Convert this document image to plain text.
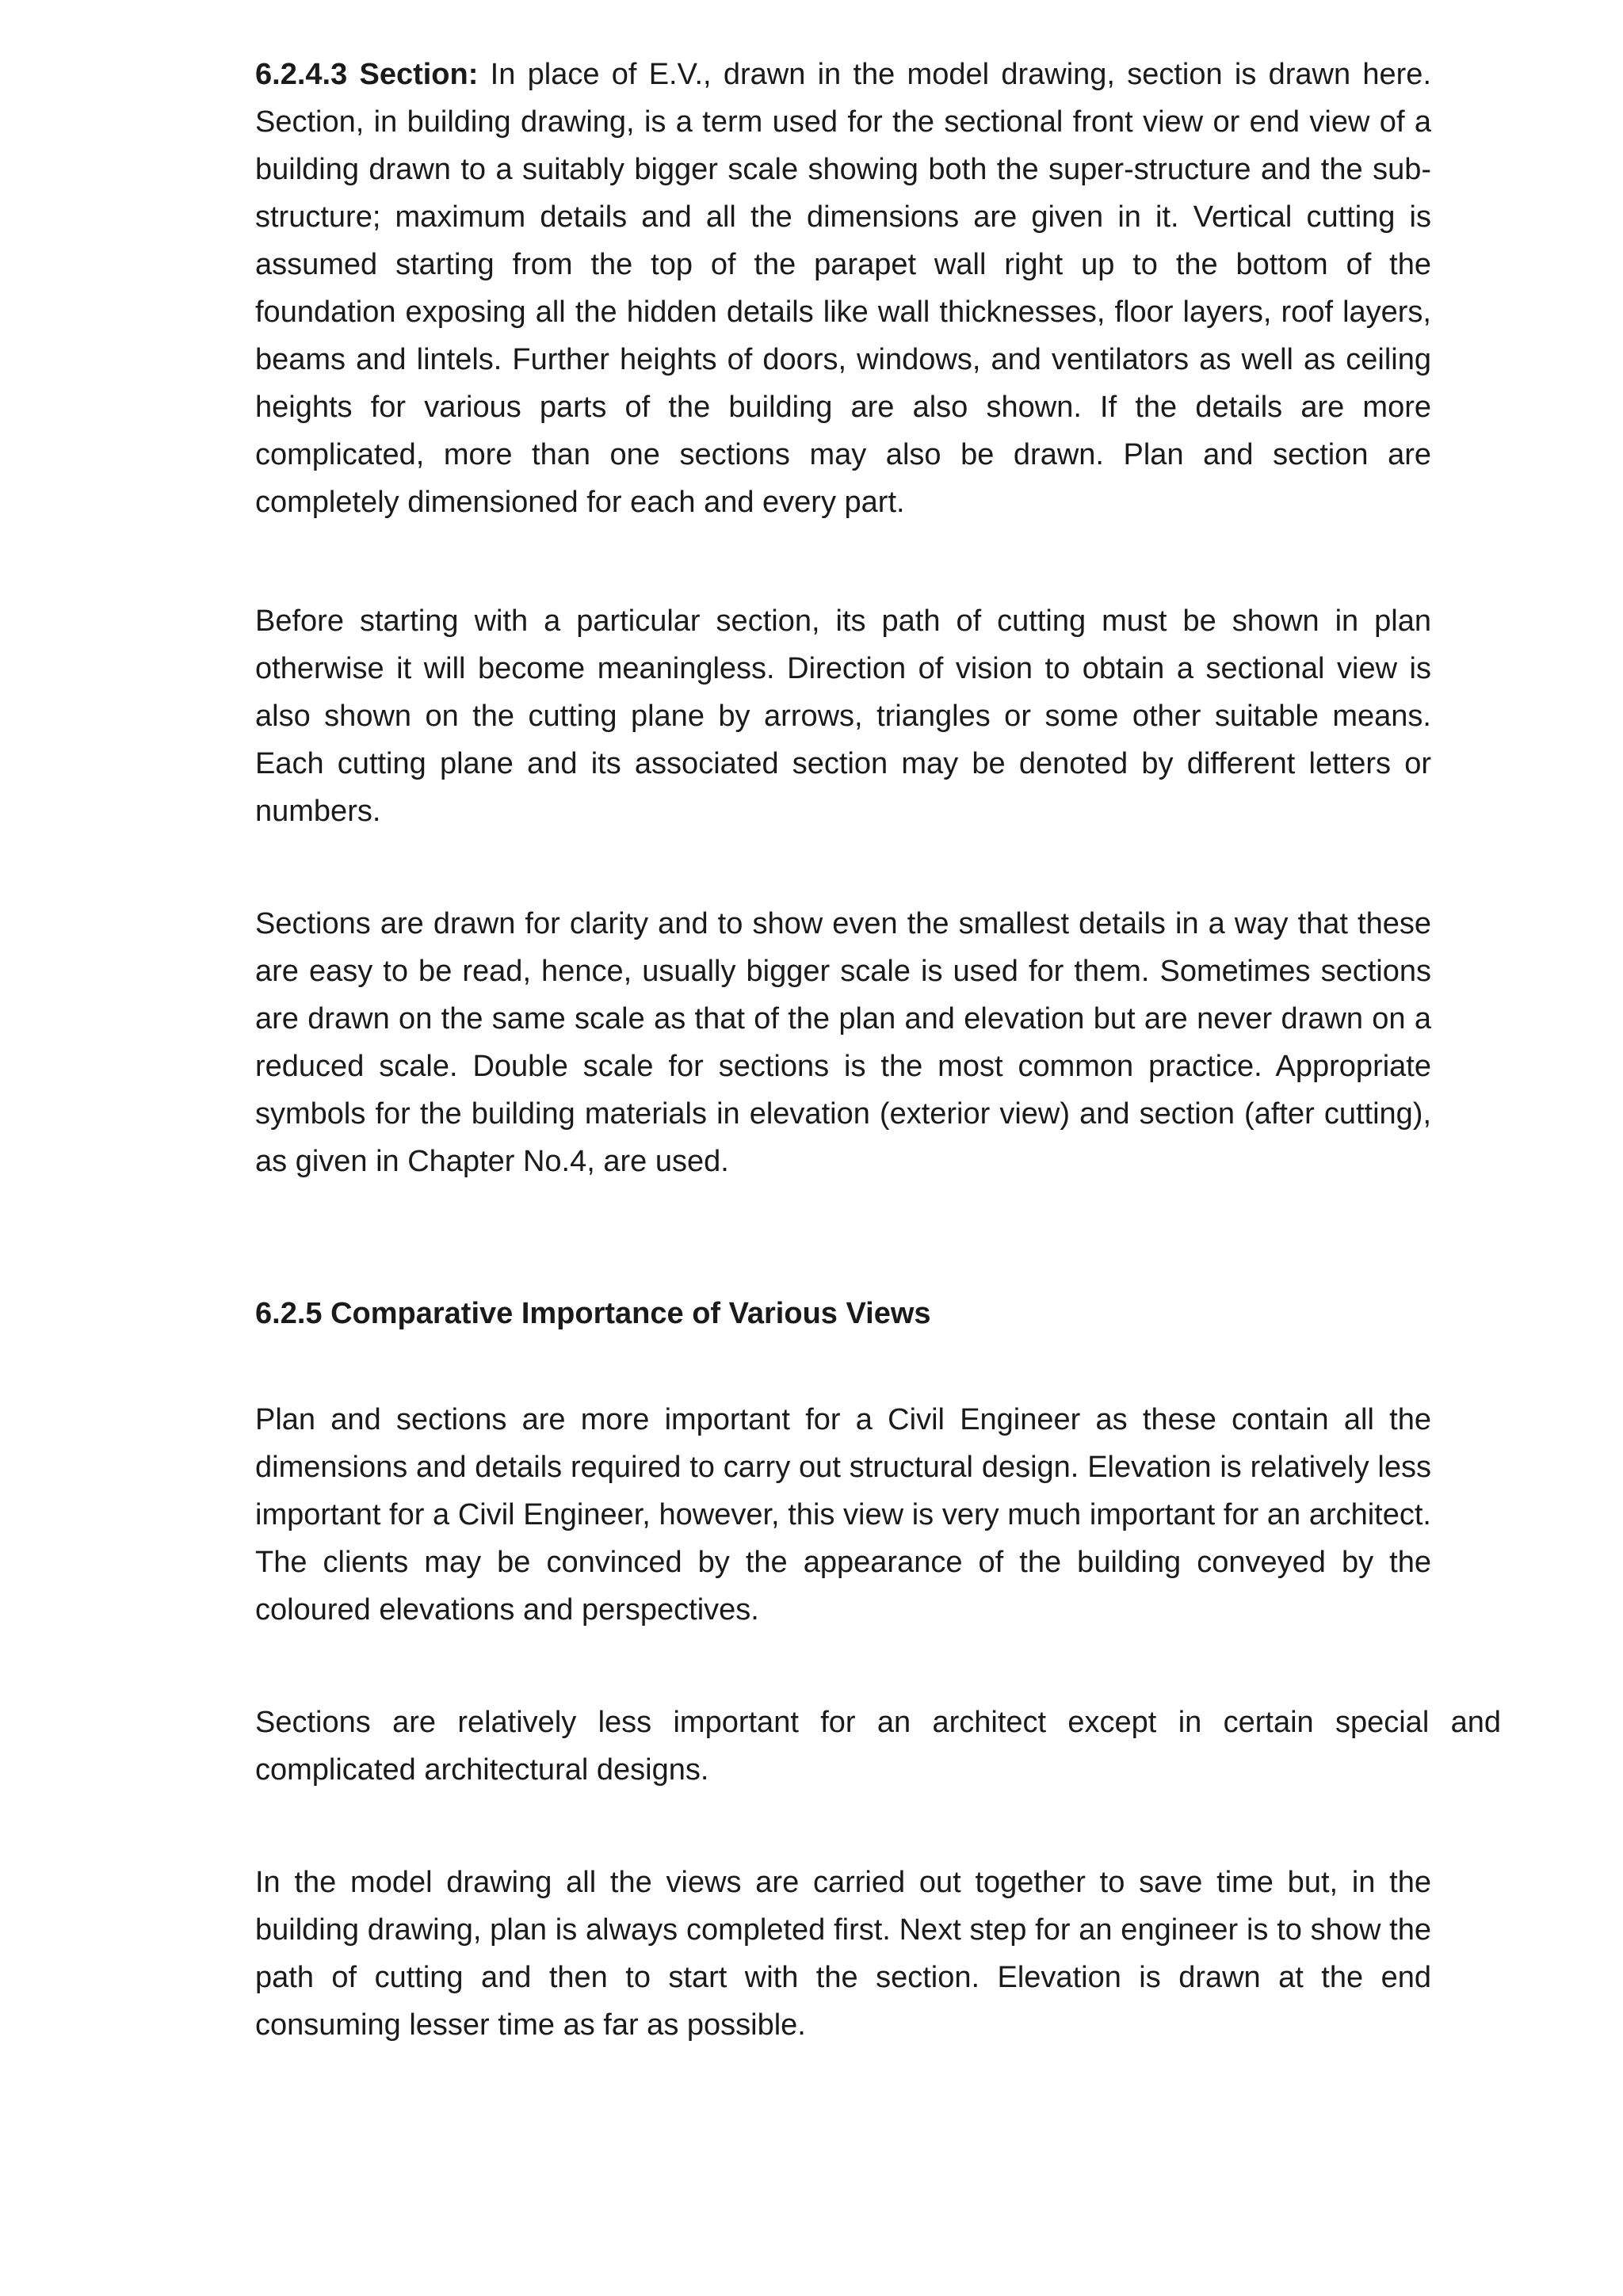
6.2.4.3 Section: In place of E.V., drawn in the model drawing, section is drawn here. Section, in building drawing, is a term used for the sectional front view or end view of a building drawn to a suitably bigger scale showing both the super-structure and the sub-structure; maximum details and all the dimensions are given in it. Vertical cutting is assumed starting from the top of the parapet wall right up to the bottom of the foundation exposing all the hidden details like wall thicknesses, floor layers, roof layers, beams and lintels. Further heights of doors, windows, and ventilators as well as ceiling heights for various parts of the building are also shown. If the details are more complicated, more than one sections may also be drawn. Plan and section are completely dimensioned for each and every part.

Before starting with a particular section, its path of cutting must be shown in plan otherwise it will become meaningless. Direction of vision to obtain a sectional view is also shown on the cutting plane by arrows, triangles or some other suitable means. Each cutting plane and its associated section may be denoted by different letters or numbers.

Sections are drawn for clarity and to show even the smallest details in a way that these are easy to be read, hence, usually bigger scale is used for them. Sometimes sections are drawn on the same scale as that of the plan and elevation but are never drawn on a reduced scale. Double scale for sections is the most common practice. Appropriate symbols for the building materials in elevation (exterior view) and section (after cutting), as given in Chapter No.4, are used.

6.2.5 Comparative Importance of Various Views

Plan and sections are more important for a Civil Engineer as these contain all the dimensions and details required to carry out structural design. Elevation is relatively less important for a Civil Engineer, however, this view is very much important for an architect. The clients may be convinced by the appearance of the building conveyed by the coloured elevations and perspectives.

Sections are relatively less important for an architect except in certain special and complicated architectural designs.

In the model drawing all the views are carried out together to save time but, in the building drawing, plan is always completed first. Next step for an engineer is to show the path of cutting and then to start with the section. Elevation is drawn at the end consuming lesser time as far as possible.
